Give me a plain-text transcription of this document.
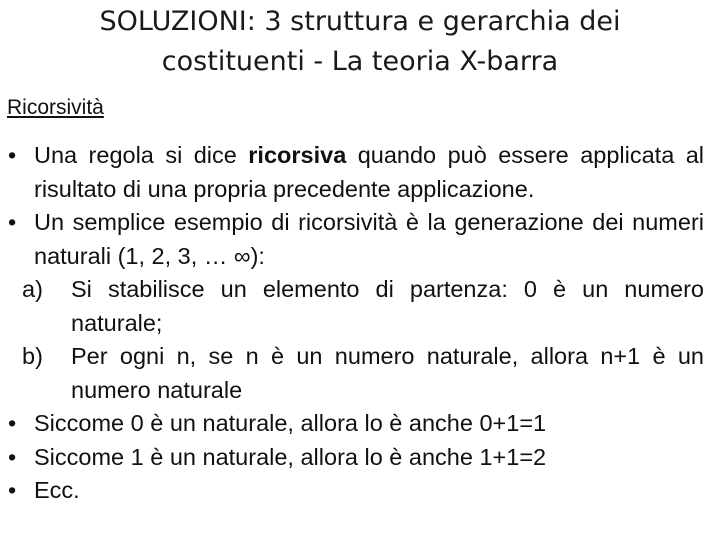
SOLUZIONI: 3 struttura e gerarchia dei
costituenti - La teoria X-barra
Ricorsività
• Una regola si dice ricorsiva quando può essere applicata al risultato di una propria precedente applicazione.
• Un semplice esempio di ricorsività è la generazione dei numeri naturali (1, 2, 3, … ∞):
a) Si stabilisce un elemento di partenza: 0 è un numero naturale;
b) Per ogni n, se n è un numero naturale, allora n+1 è un numero naturale
• Siccome 0 è un naturale, allora lo è anche 0+1=1
• Siccome 1 è un naturale, allora lo è anche 1+1=2
• Ecc.
